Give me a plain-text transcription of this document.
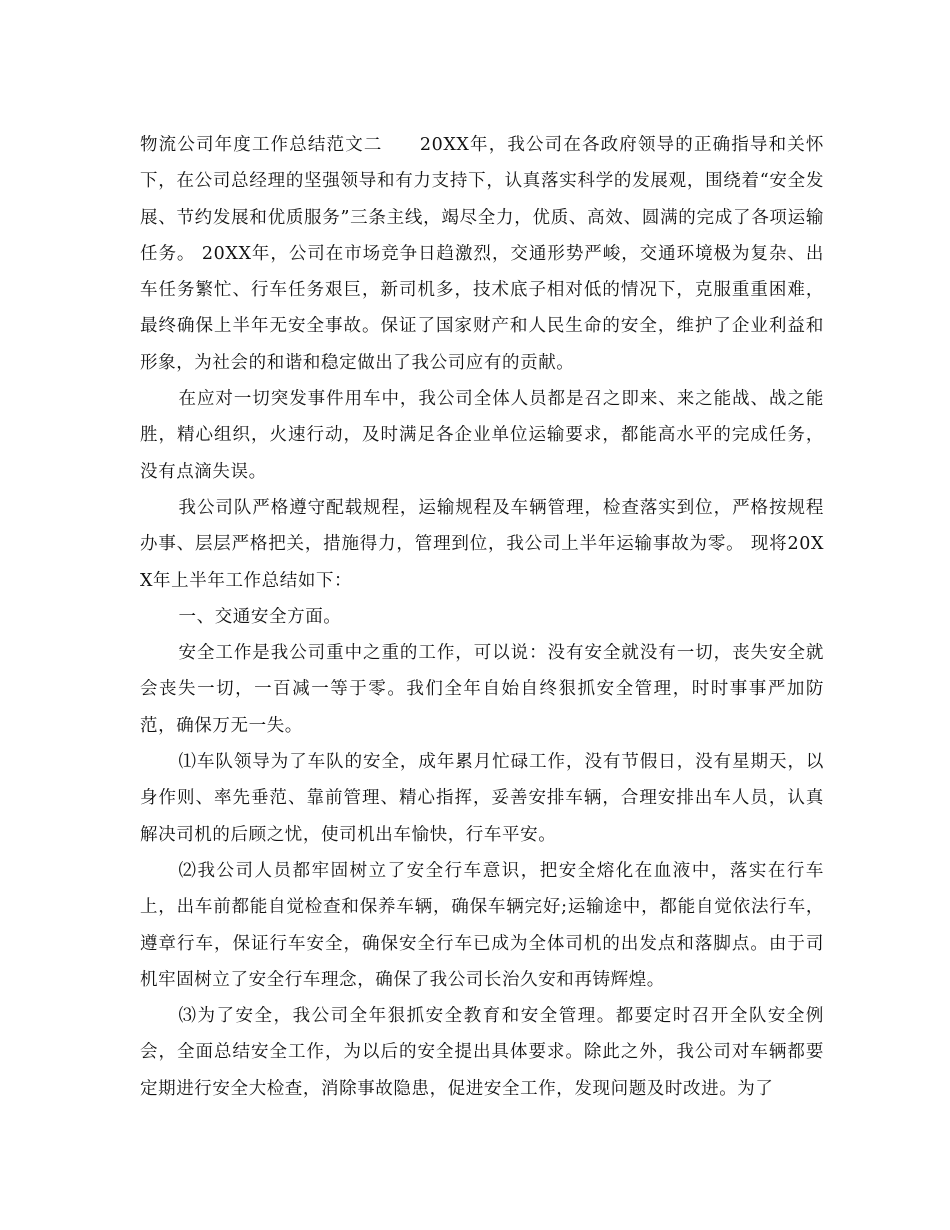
物流公司年度工作总结范文二　　20XX年，我公司在各政府领导的正确指导和关怀下，在公司总经理的坚强领导和有力支持下，认真落实科学的发展观，围绕着“安全发展、节约发展和优质服务”三条主线，竭尽全力，优质、高效、圆满的完成了各项运输任务。 20XX年，公司在市场竞争日趋激烈，交通形势严峻，交通环境极为复杂、出车任务繁忙、行车任务艰巨，新司机多，技术底子相对低的情况下，克服重重困难，最终确保上半年无安全事故。保证了国家财产和人民生命的安全，维护了企业利益和形象，为社会的和谐和稳定做出了我公司应有的贡献。

在应对一切突发事件用车中，我公司全体人员都是召之即来、来之能战、战之能胜，精心组织，火速行动，及时满足各企业单位运输要求，都能高水平的完成任务，没有点滴失误。

我公司队严格遵守配载规程，运输规程及车辆管理，检查落实到位，严格按规程办事、层层严格把关，措施得力，管理到位，我公司上半年运输事故为零。 现将20XX年上半年工作总结如下：

一、交通安全方面。

安全工作是我公司重中之重的工作，可以说：没有安全就没有一切，丧失安全就会丧失一切，一百减一等于零。我们全年自始自终狠抓安全管理，时时事事严加防范，确保万无一失。

⑴车队领导为了车队的安全，成年累月忙碌工作，没有节假日，没有星期天，以身作则、率先垂范、靠前管理、精心指挥，妥善安排车辆，合理安排出车人员，认真解决司机的后顾之忧，使司机出车愉快，行车平安。

⑵我公司人员都牢固树立了安全行车意识，把安全熔化在血液中，落实在行车上，出车前都能自觉检查和保养车辆，确保车辆完好;运输途中，都能自觉依法行车，遵章行车，保证行车安全，确保安全行车已成为全体司机的出发点和落脚点。由于司机牢固树立了安全行车理念，确保了我公司长治久安和再铸辉煌。

⑶为了安全，我公司全年狠抓安全教育和安全管理。都要定时召开全队安全例会，全面总结安全工作，为以后的安全提出具体要求。除此之外，我公司对车辆都要定期进行安全大检查，消除事故隐患，促进安全工作，发现问题及时改进。为了
